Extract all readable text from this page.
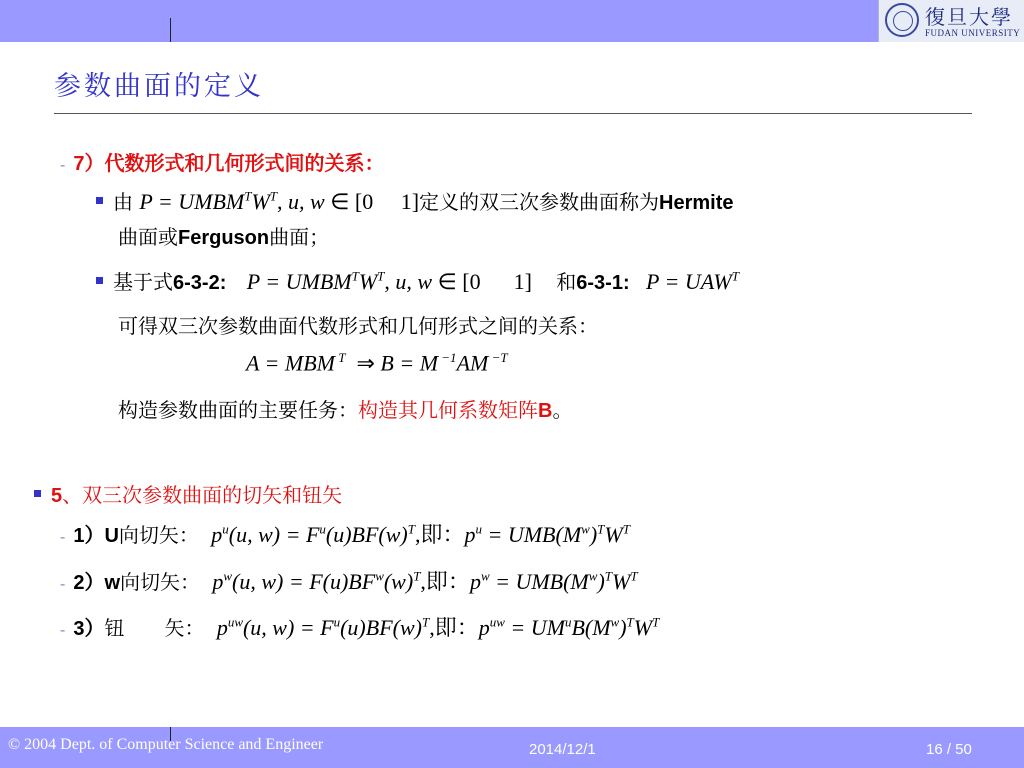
復旦大學
FUDAN UNIVERSITY
参数曲面的定义
- 7）代数形式和几何形式间的关系：
由 $P = UMBM^TW^T$, u, w ∈ [0     1]定义的双三次参数曲面称为Hermite
曲面或Ferguson曲面；
基于式6-3-2: $P = UMBM^TW^T$, u, w ∈ [0      1] 和6-3-1: $P = UAW^T$
可得双三次参数曲面代数形式和几何形式之间的关系：
A = MBM $^T$ ⇒ B = M $^{-1}$AM $^{-T}$
构造参数曲面的主要任务：构造其几何系数矩阵B。
5、双三次参数曲面的切矢和钮矢
- 1）U向切矢： $p^u(u$, $w) = F^u(u)BF(w)^T$,即：$p^u = UMB(M^w)^TW^T$
- 2）w向切矢： $p^w(u$, $w) = F(u)BF^w(w)^T$,即：$p^w = UMB(M^w)^TW^T$
- 3）钮　　矢： $p^{uw}(u$, $w) = F^u(u)BF(w)^T$,即：$p^{uw} = UM^uB(M^w)^TW^T$
© 2004 Dept. of Computer Science and Engineer	2014/12/1	16 / 50
